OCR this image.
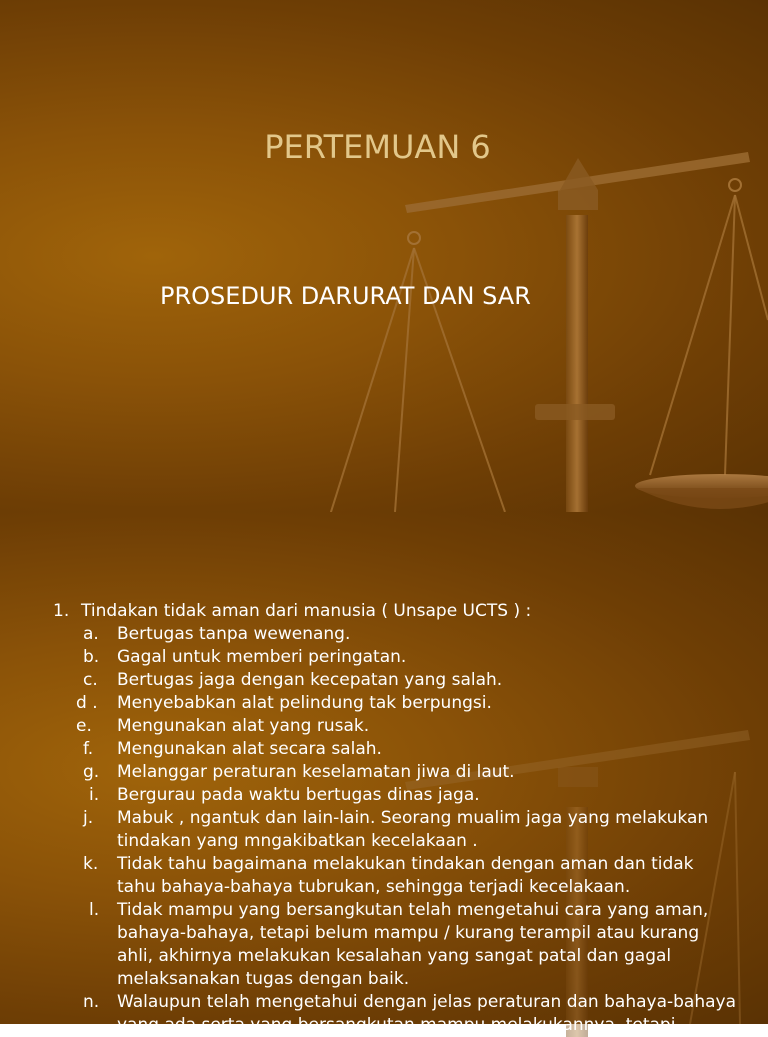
PERTEMUAN 6
PROSEDUR DARURAT DAN SAR
1. Tindakan tidak aman dari manusia ( Unsape UCTS ) :
a. Bertugas tanpa wewenang.
b. Gagal untuk memberi peringatan.
c. Bertugas jaga dengan kecepatan yang salah.
d . Menyebabkan alat pelindung tak berpungsi.
e. Mengunakan alat yang rusak.
f. Mengunakan alat secara salah.
g. Melanggar peraturan keselamatan jiwa di laut.
i. Bergurau pada waktu bertugas dinas jaga.
j. Mabuk , ngantuk dan lain-lain. Seorang mualim jaga yang melakukan
tindakan yang mngakibatkan kecelakaan .
k. Tidak tahu bagaimana melakukan tindakan dengan aman dan tidak
tahu bahaya-bahaya tubrukan, sehingga terjadi kecelakaan.
l. Tidak mampu yang bersangkutan telah mengetahui cara yang aman,
bahaya-bahaya, tetapi belum mampu / kurang terampil atau kurang
ahli, akhirnya melakukan kesalahan yang sangat patal dan gagal
melaksanakan tugas dengan baik.
n. Walaupun telah mengetahui dengan jelas peraturan dan bahaya-bahaya
yang ada serta yang bersangkutan mampu melakukannya, tetapi
